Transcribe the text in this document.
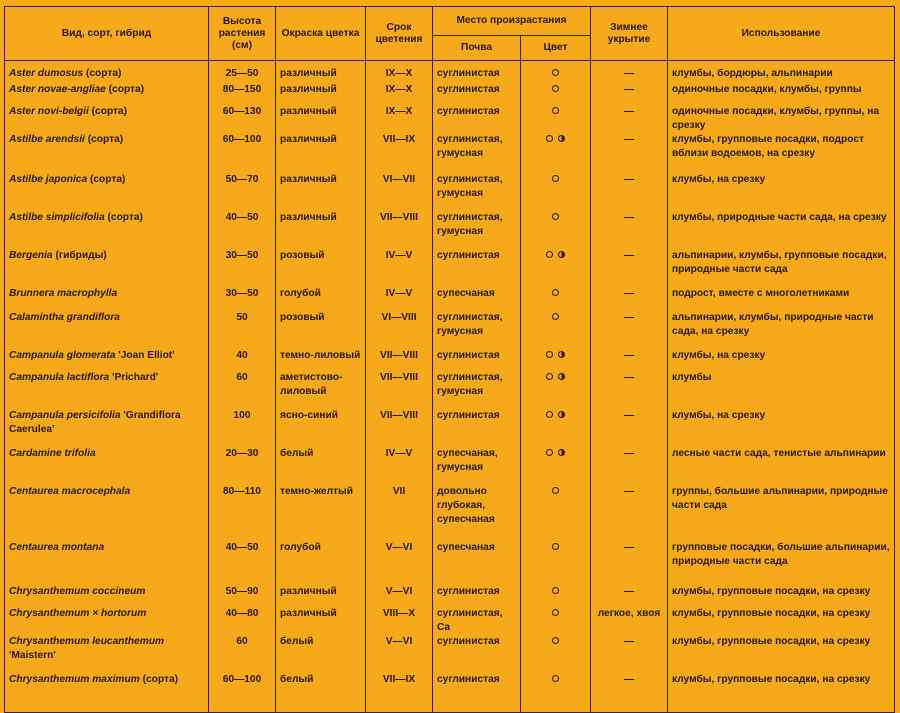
Вид, сорт, гибрид	Высота растения (см)	Окраска цветка	Срок цветения	Место произрастания		Зимнее укрытие	Использование
				Почва	Цвет		
Aster dumosus (сорта)	25—50	различный	IX—X	суглинистая		—	клумбы, бордюры, альпинарии
Aster novae-angliae (сорта)	80—150	различный	IX—X	суглинистая		—	одиночные посадки, клумбы, группы
Aster novi-belgii (сорта)	60—130	различный	IX—X	суглинистая		—	одиночные посадки, клумбы, группы, на срезку
Astilbe arendsii (сорта)	60—100	различный	VII—IX	суглинистая, гумусная		—	клумбы, групповые посадки, подрост вблизи водоемов, на срезку
Astilbe japonica (сорта)	50—70	различный	VI—VII	суглинистая, гумусная		—	клумбы, на срезку
Astilbe simplicifolia (сорта)	40—50	различный	VII—VIII	суглинистая, гумусная		—	клумбы, природные части сада, на срезку
Bergenia (гибриды)	30—50	розовый	IV—V	суглинистая		—	альпинарии, клумбы, групповые посадки, природные части сада
Brunnera macrophylla	30—50	голубой	IV—V	супесчаная		—	подрост, вместе с многолетниками
Calamintha grandiflora	50	розовый	VI—VIII	суглинистая, гумусная		—	альпинарии, клумбы, природные части сада, на срезку
Campanula glomerata 'Joan Elliot'	40	темно-лиловый	VII—VIII	суглинистая		—	клумбы, на срезку
Campanula lactiflora 'Prichard'	60	аметистово-лиловый	VII—VIII	суглинистая, гумусная		—	клумбы
Campanula persicifolia 'Grandiflora Caerulea'	100	ясно-синий	VII—VIII	суглинистая		—	клумбы, на срезку
Cardamine trifolia	20—30	белый	IV—V	супесчаная, гумусная		—	лесные части сада, тенистые альпинарии
Centaurea macrocephala	80—110	темно-желтый	VII	довольно глубокая, супесчаная		—	группы, большие альпинарии, природные части сада
Centaurea montana	40—50	голубой	V—VI	супесчаная		—	групповые посадки, большие альпинарии, природные части сада
Chrysanthemum coccineum	50—90	различный	V—VI	суглинистая		—	клумбы, групповые посадки, на срезку
Chrysanthemum × hortorum	40—80	различный	VIII—X	суглинистая, Ca		легкое, хвоя	клумбы, групповые посадки, на срезку
Chrysanthemum leucanthemum 'Maistern'	60	белый	V—VI	суглинистая		—	клумбы, групповые посадки, на срезку
Chrysanthemum maximum (сорта)	60—100	белый	VII—IX	суглинистая		—	клумбы, групповые посадки, на срезку
